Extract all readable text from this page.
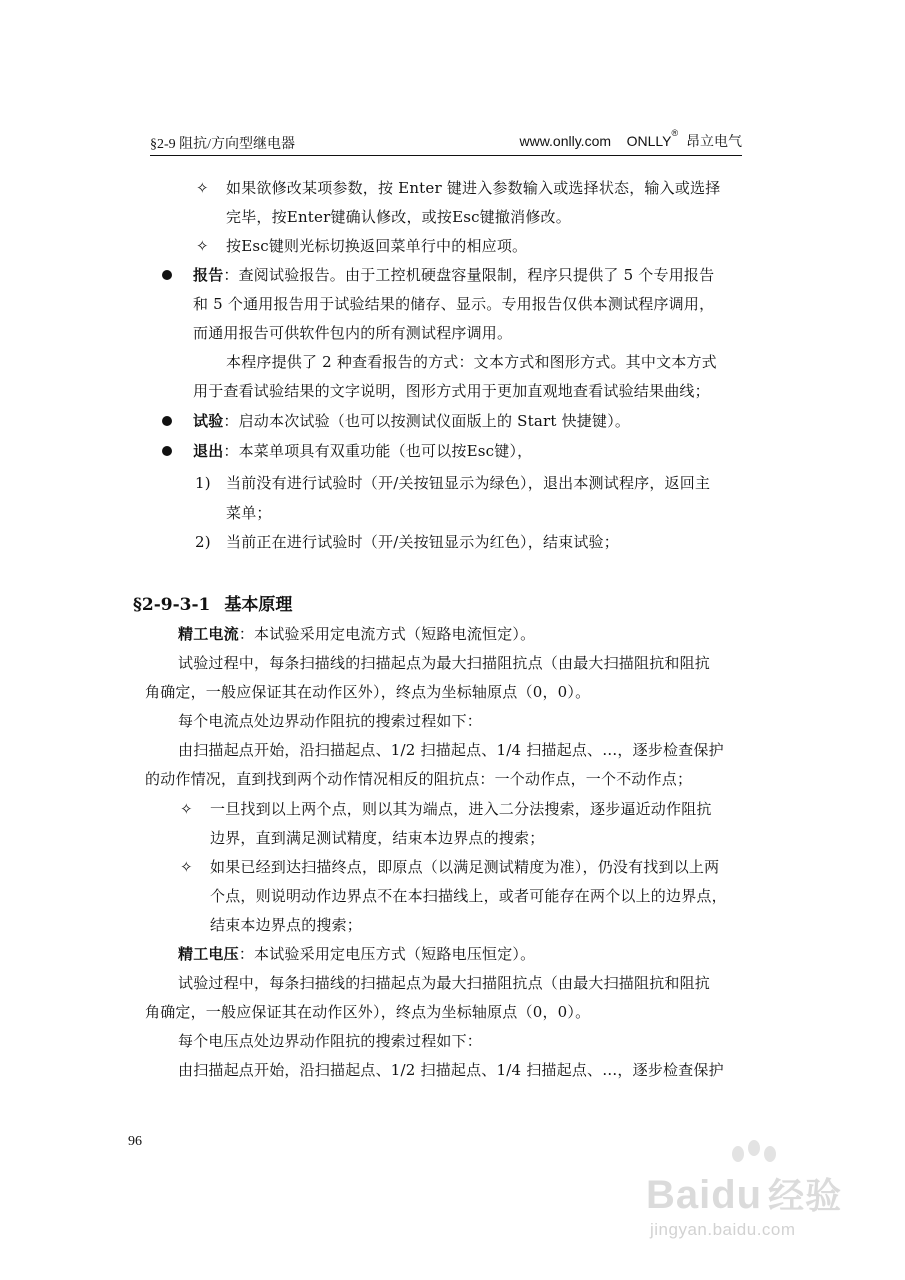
§2-9 阻抗/方向型继电器	www.onlly.com ONLLY® 昂立电气
✧ 如果欲修改某项参数，按 Enter 键进入参数输入或选择状态，输入或选择
完毕，按Enter键确认修改，或按Esc键撤消修改。
✧ 按Esc键则光标切换返回菜单行中的相应项。
报告：查阅试验报告。由于工控机硬盘容量限制，程序只提供了 5 个专用报告
和 5 个通用报告用于试验结果的储存、显示。专用报告仅供本测试程序调用，
而通用报告可供软件包内的所有测试程序调用。
本程序提供了 2 种查看报告的方式：文本方式和图形方式。其中文本方式
用于查看试验结果的文字说明，图形方式用于更加直观地查看试验结果曲线；
试验：启动本次试验（也可以按测试仪面版上的 Start 快捷键）。
退出：本菜单项具有双重功能（也可以按Esc键），
1) 当前没有进行试验时（开/关按钮显示为绿色），退出本测试程序，返回主
菜单；
2) 当前正在进行试验时（开/关按钮显示为红色），结束试验；
§2-9-3-1 基本原理
精工电流：本试验采用定电流方式（短路电流恒定）。
试验过程中，每条扫描线的扫描起点为最大扫描阻抗点（由最大扫描阻抗和阻抗
角确定，一般应保证其在动作区外），终点为坐标轴原点（0，0）。
每个电流点处边界动作阻抗的搜索过程如下：
由扫描起点开始，沿扫描起点、1/2 扫描起点、1/4 扫描起点、…，逐步检查保护
的动作情况，直到找到两个动作情况相反的阻抗点：一个动作点，一个不动作点；
✧ 一旦找到以上两个点，则以其为端点，进入二分法搜索，逐步逼近动作阻抗
边界，直到满足测试精度，结束本边界点的搜索；
✧ 如果已经到达扫描终点，即原点（以满足测试精度为准），仍没有找到以上两
个点，则说明动作边界点不在本扫描线上，或者可能存在两个以上的边界点，
结束本边界点的搜索；
精工电压：本试验采用定电压方式（短路电压恒定）。
试验过程中，每条扫描线的扫描起点为最大扫描阻抗点（由最大扫描阻抗和阻抗
角确定，一般应保证其在动作区外），终点为坐标轴原点（0，0）。
每个电压点处边界动作阻抗的搜索过程如下：
由扫描起点开始，沿扫描起点、1/2 扫描起点、1/4 扫描起点、…，逐步检查保护
96
Baidu 经验
jingyan.baidu.com
